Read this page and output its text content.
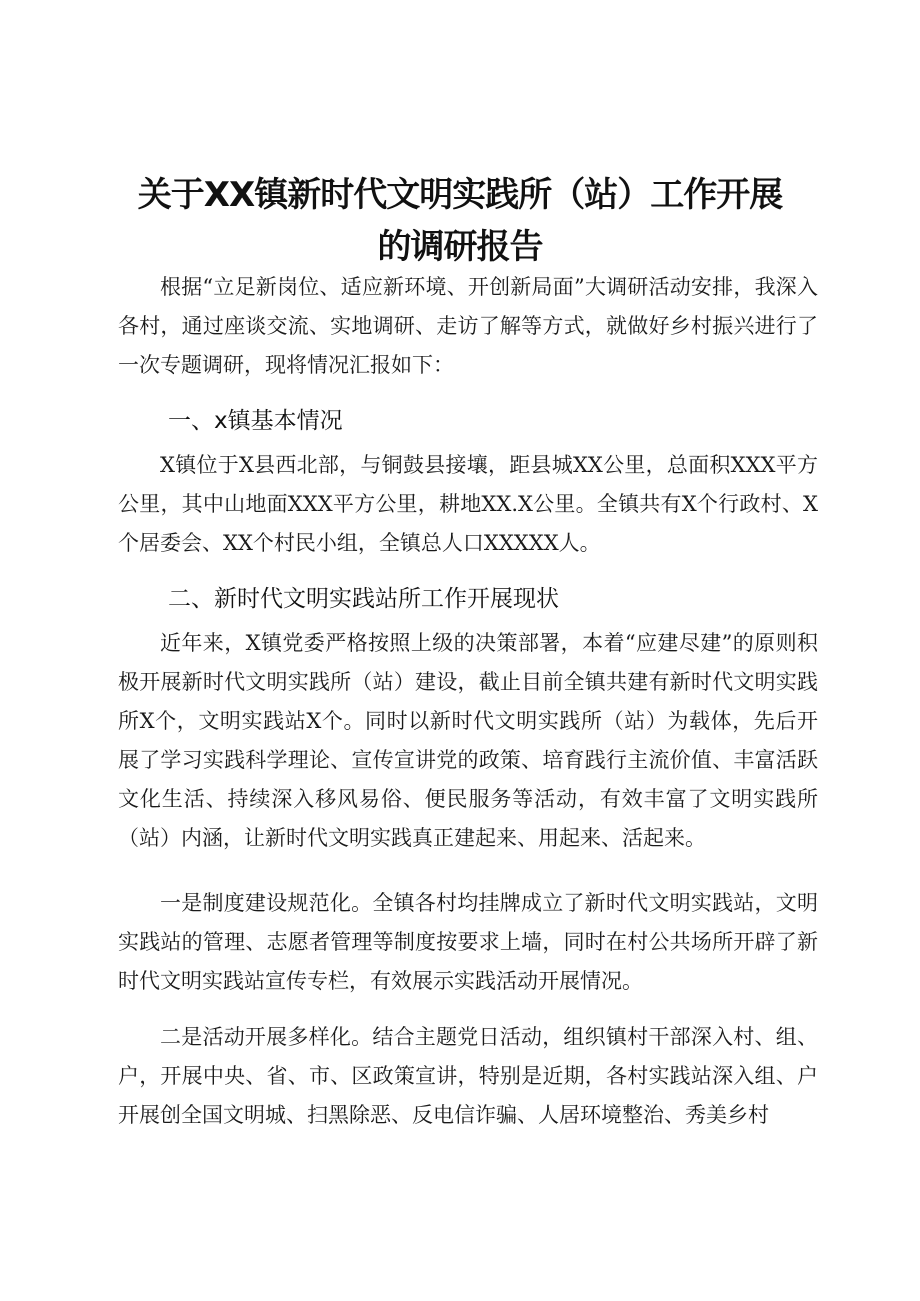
关于XX镇新时代文明实践所（站）工作开展
的调研报告
根据“立足新岗位、适应新环境、开创新局面”大调研活动安排，我深入各村，通过座谈交流、实地调研、走访了解等方式，就做好乡村振兴进行了一次专题调研，现将情况汇报如下：
一、x镇基本情况
X镇位于X县西北部，与铜鼓县接壤，距县城XX公里，总面积XXX平方公里，其中山地面XXX平方公里，耕地XX.X公里。全镇共有X个行政村、X个居委会、XX个村民小组，全镇总人口XXXXX人。
二、新时代文明实践站所工作开展现状
近年来，X镇党委严格按照上级的决策部署，本着“应建尽建”的原则积极开展新时代文明实践所（站）建设，截止目前全镇共建有新时代文明实践所X个，文明实践站X个。同时以新时代文明实践所（站）为载体，先后开展了学习实践科学理论、宣传宣讲党的政策、培育践行主流价值、丰富活跃文化生活、持续深入移风易俗、便民服务等活动，有效丰富了文明实践所（站）内涵，让新时代文明实践真正建起来、用起来、活起来。
一是制度建设规范化。全镇各村均挂牌成立了新时代文明实践站，文明实践站的管理、志愿者管理等制度按要求上墙，同时在村公共场所开辟了新时代文明实践站宣传专栏，有效展示实践活动开展情况。
二是活动开展多样化。结合主题党日活动，组织镇村干部深入村、组、户，开展中央、省、市、区政策宣讲，特别是近期，各村实践站深入组、户开展创全国文明城、扫黑除恶、反电信诈骗、人居环境整治、秀美乡村
